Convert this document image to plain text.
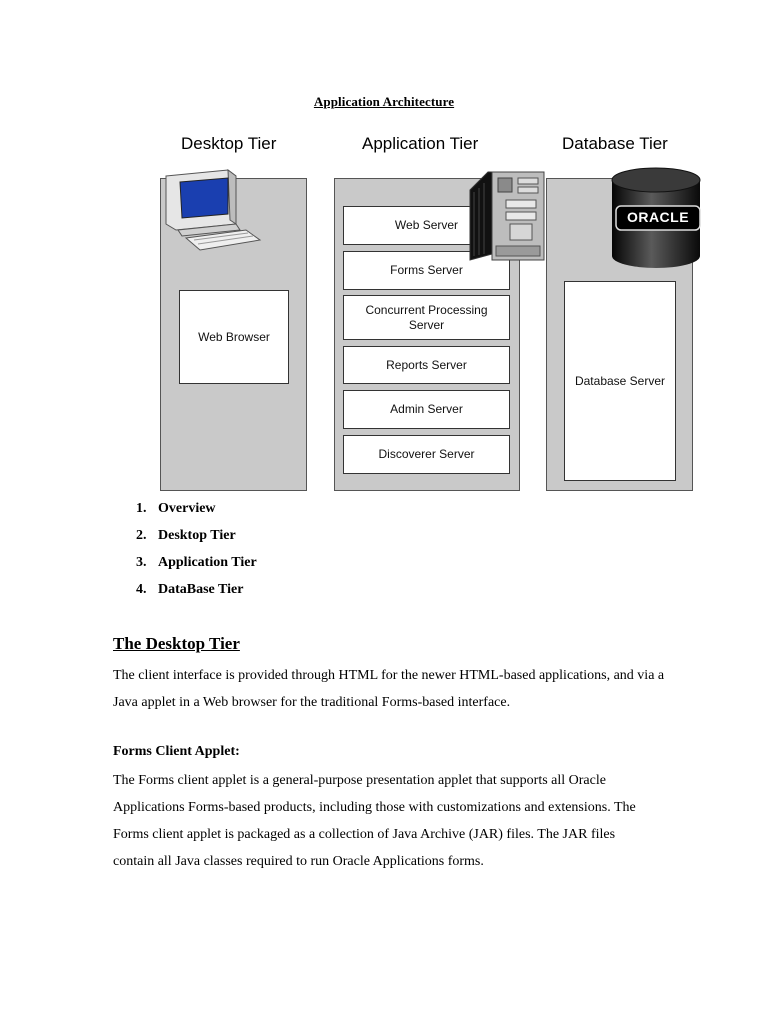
Application Architecture
Desktop Tier	Application Tier	Database Tier
Web Browser
Web Server
Forms Server
Concurrent Processing Server
Reports Server
Admin Server
Discoverer Server
Database Server
ORACLE
1. Overview
2. Desktop Tier
3. Application Tier
4. DataBase Tier
The Desktop Tier
The client interface is provided through HTML for the newer HTML-based applications, and via a Java applet in a Web browser for the traditional Forms-based interface.
Forms Client Applet:
The Forms client applet is a general-purpose presentation applet that supports all Oracle Applications Forms-based products, including those with customizations and extensions. The Forms client applet is packaged as a collection of Java Archive (JAR) files. The JAR files contain all Java classes required to run Oracle Applications forms.
